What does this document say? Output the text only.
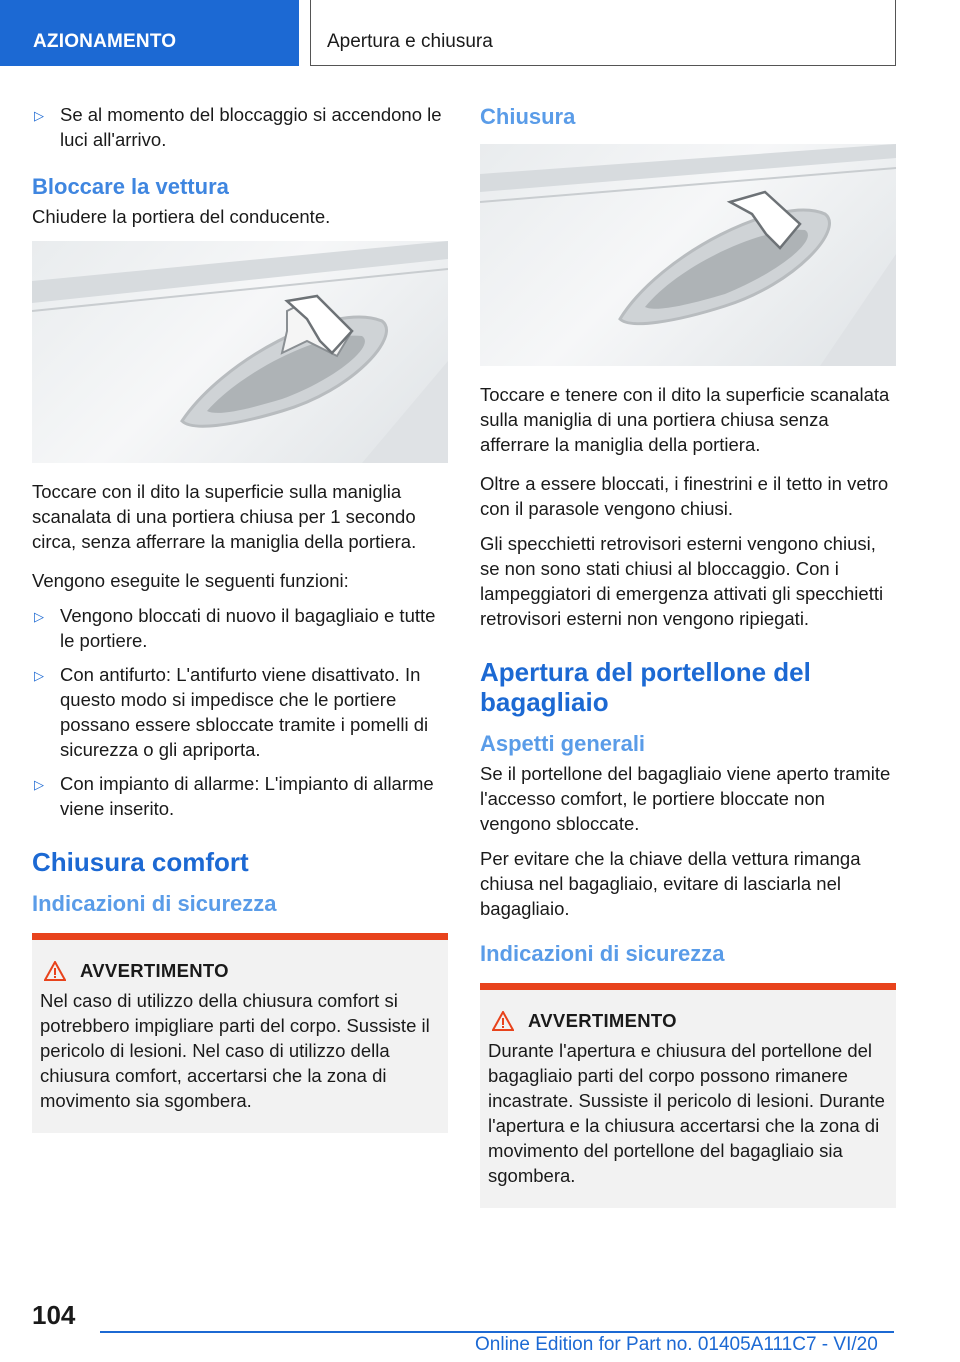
AZIONAMENTO	Apertura e chiusura
▷ Se al momento del bloccaggio si accendono le luci all'arrivo.
Bloccare la vettura

Chiudere la portiera del conducente.

Toccare con il dito la superficie sulla maniglia scanalata di una portiera chiusa per 1 secondo circa, senza afferrare la maniglia della portiera.

Vengono eseguite le seguenti funzioni:

▷ Vengono bloccati di nuovo il bagagliaio e tutte le portiere.
▷ Con antifurto: L'antifurto viene disattivato. In questo modo si impedisce che le portiere possano essere sbloccate tramite i pomelli di sicurezza o gli apriporta.
▷ Con impianto di allarme: L'impianto di allarme viene inserito.
Chiusura comfort
Indicazioni di sicurezza
AVVERTIMENTO
Nel caso di utilizzo della chiusura comfort si potrebbero impigliare parti del corpo. Sussiste il pericolo di lesioni. Nel caso di utilizzo della chiusura comfort, accertarsi che la zona di movimento sia sgombera.
Chiusura

Toccare e tenere con il dito la superficie scanalata sulla maniglia di una portiera chiusa senza afferrare la maniglia della portiera.

Oltre a essere bloccati, i finestrini e il tetto in vetro con il parasole vengono chiusi.

Gli specchietti retrovisori esterni vengono chiusi, se non sono stati chiusi al bloccaggio. Con i lampeggiatori di emergenza attivati gli specchietti retrovisori esterni non vengono ripiegati.

Apertura del portellone del bagagliaio
Aspetti generali

Se il portellone del bagagliaio viene aperto tramite l'accesso comfort, le portiere bloccate non vengono sbloccate.

Per evitare che la chiave della vettura rimanga chiusa nel bagagliaio, evitare di lasciarla nel bagagliaio.

Indicazioni di sicurezza
AVVERTIMENTO
Durante l'apertura e chiusura del portellone del bagagliaio parti del corpo possono rimanere incastrate. Sussiste il pericolo di lesioni. Durante l'apertura e la chiusura accertarsi che la zona di movimento del portellone del bagagliaio sia sgombera.
104
Online Edition for Part no. 01405A111C7 - VI/20
